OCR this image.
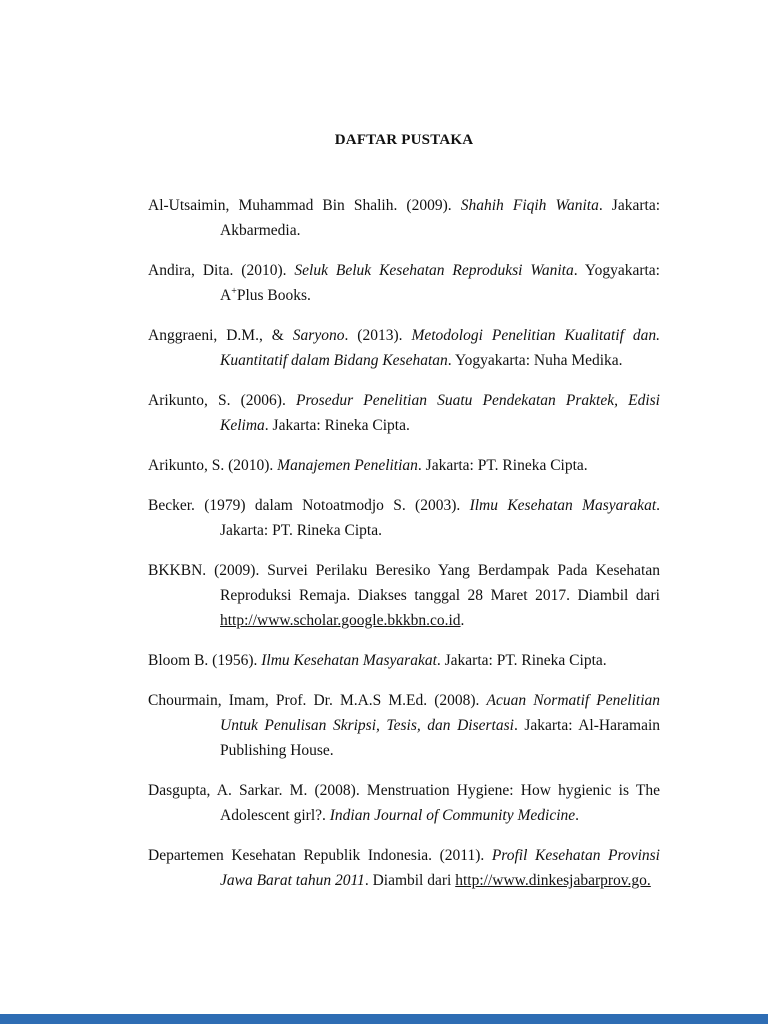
DAFTAR PUSTAKA

Al-Utsaimin, Muhammad Bin Shalih. (2009). Shahih Fiqih Wanita. Jakarta: Akbarmedia.

Andira, Dita. (2010). Seluk Beluk Kesehatan Reproduksi Wanita. Yogyakarta: A+Plus Books.

Anggraeni, D.M., & Saryono. (2013). Metodologi Penelitian Kualitatif dan. Kuantitatif dalam Bidang Kesehatan. Yogyakarta: Nuha Medika.

Arikunto, S. (2006). Prosedur Penelitian Suatu Pendekatan Praktek, Edisi Kelima. Jakarta: Rineka Cipta.

Arikunto, S. (2010). Manajemen Penelitian. Jakarta: PT. Rineka Cipta.

Becker. (1979) dalam Notoatmodjo S. (2003). Ilmu Kesehatan Masyarakat. Jakarta: PT. Rineka Cipta.

BKKBN. (2009). Survei Perilaku Beresiko Yang Berdampak Pada Kesehatan Reproduksi Remaja. Diakses tanggal 28 Maret 2017. Diambil dari http://www.scholar.google.bkkbn.co.id.

Bloom B. (1956). Ilmu Kesehatan Masyarakat. Jakarta: PT. Rineka Cipta.

Chourmain, Imam, Prof. Dr. M.A.S M.Ed. (2008). Acuan Normatif Penelitian Untuk Penulisan Skripsi, Tesis, dan Disertasi. Jakarta: Al-Haramain Publishing House.

Dasgupta, A. Sarkar. M. (2008). Menstruation Hygiene: How hygienic is The Adolescent girl?. Indian Journal of Community Medicine.

Departemen Kesehatan Republik Indonesia. (2011). Profil Kesehatan Provinsi Jawa Barat tahun 2011. Diambil dari http://www.dinkesjabarprov.go.
